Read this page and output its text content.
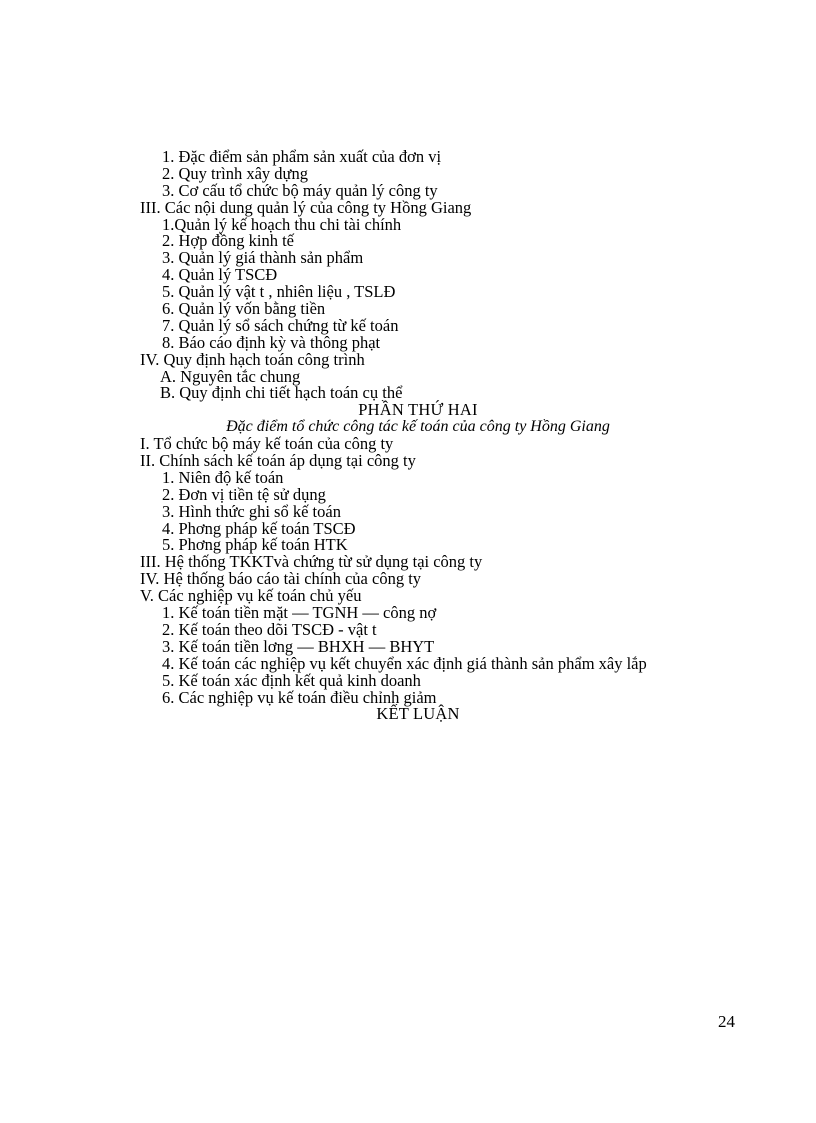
1. Đặc điểm sản phẩm sản xuất của đơn vị
2. Quy trình xây dựng
3. Cơ cấu tổ chức bộ máy quản lý công ty
III. Các nội dung quản lý của công ty Hồng Giang
1.Quản lý kế hoạch thu chi tài chính
2. Hợp đồng kinh tế
3. Quản lý giá thành sản phẩm
4. Quản lý TSCĐ
5. Quản lý vật t , nhiên liệu , TSLĐ
6. Quản lý vốn bằng tiền
7. Quản lý sổ sách chứng từ kế toán
8. Báo cáo định kỳ và thông phạt
IV. Quy định hạch toán công trình
A. Nguyên tắc chung
B. Quy định chi tiết hạch toán cụ thể
PHẦN THỨ HAI
Đặc điểm tổ chức công tác kế toán của công ty Hồng Giang
I. Tổ chức bộ máy kế toán của công ty
II. Chính sách kế toán áp dụng tại công ty
1. Niên độ kế toán
2. Đơn vị tiền tệ sử dụng
3. Hình thức ghi sổ kế toán
4. Phơng pháp kế toán TSCĐ
5. Phơng pháp kế toán HTK
III. Hệ thống TKKTvà chứng từ sử dụng tại công ty
IV. Hệ thống báo cáo tài chính của công ty
V. Các nghiệp vụ kế toán chủ yếu
1. Kế toán tiền mặt — TGNH — công nợ
2. Kế toán theo dõi TSCĐ - vật t
3. Kế toán tiền lơng — BHXH — BHYT
4. Kế toán các nghiệp vụ kết chuyển xác định giá thành sản phẩm xây lắp
5. Kế toán xác định kết quả kinh doanh
6. Các nghiệp vụ kế toán điều chỉnh giảm
KẾT LUẬN
24
